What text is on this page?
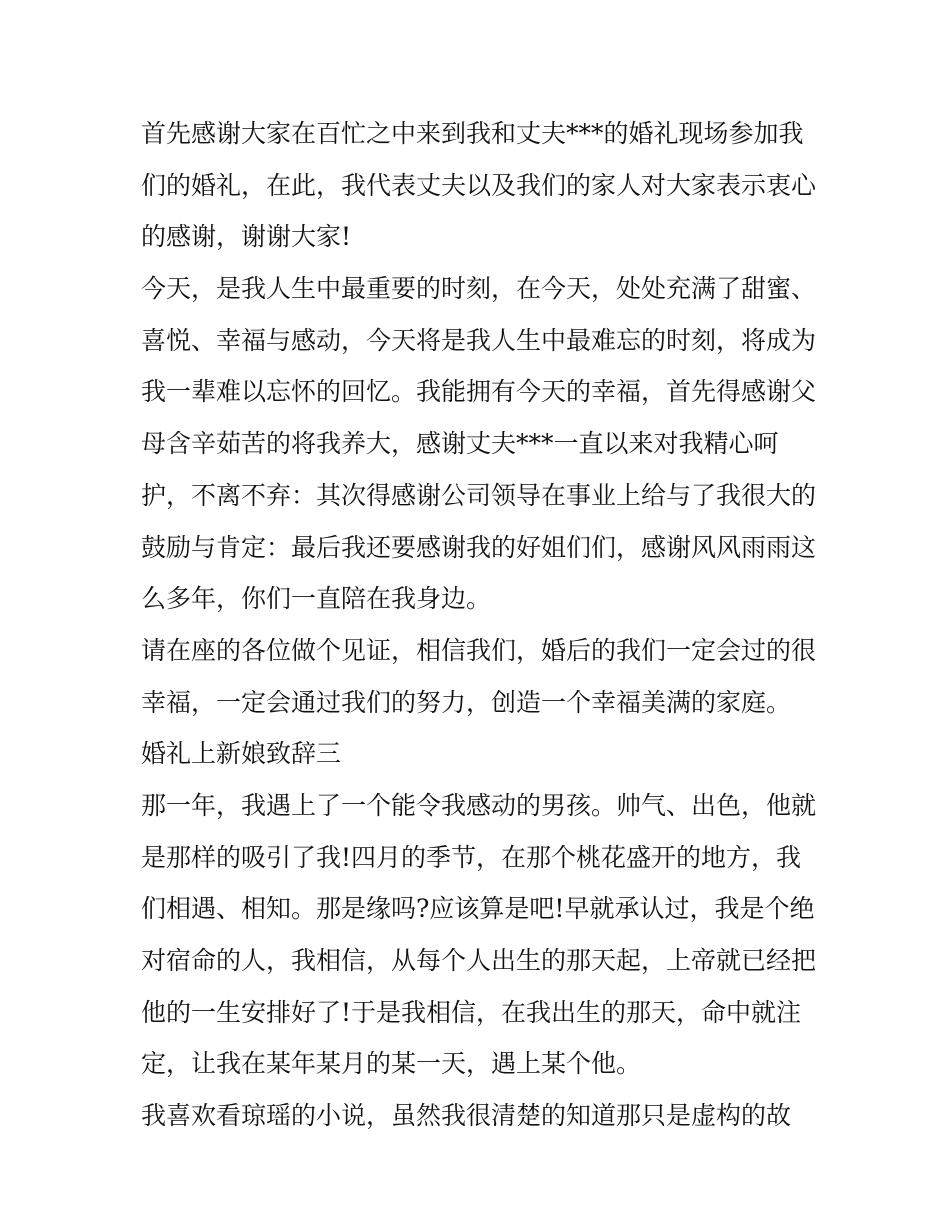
首先感谢大家在百忙之中来到我和丈夫***的婚礼现场参加我
们的婚礼，在此，我代表丈夫以及我们的家人对大家表示衷心
的感谢，谢谢大家!
今天，是我人生中最重要的时刻，在今天，处处充满了甜蜜、
喜悦、幸福与感动，今天将是我人生中最难忘的时刻，将成为
我一辈难以忘怀的回忆。我能拥有今天的幸福，首先得感谢父
母含辛茹苦的将我养大，感谢丈夫***一直以来对我精心呵
护，不离不弃：其次得感谢公司领导在事业上给与了我很大的
鼓励与肯定：最后我还要感谢我的好姐们们，感谢风风雨雨这
么多年，你们一直陪在我身边。
请在座的各位做个见证，相信我们，婚后的我们一定会过的很
幸福，一定会通过我们的努力，创造一个幸福美满的家庭。
婚礼上新娘致辞三
那一年，我遇上了一个能令我感动的男孩。帅气、出色，他就
是那样的吸引了我!四月的季节，在那个桃花盛开的地方，我
们相遇、相知。那是缘吗?应该算是吧!早就承认过，我是个绝
对宿命的人，我相信，从每个人出生的那天起，上帝就已经把
他的一生安排好了!于是我相信，在我出生的那天，命中就注
定，让我在某年某月的某一天，遇上某个他。
我喜欢看琼瑶的小说，虽然我很清楚的知道那只是虚构的故
